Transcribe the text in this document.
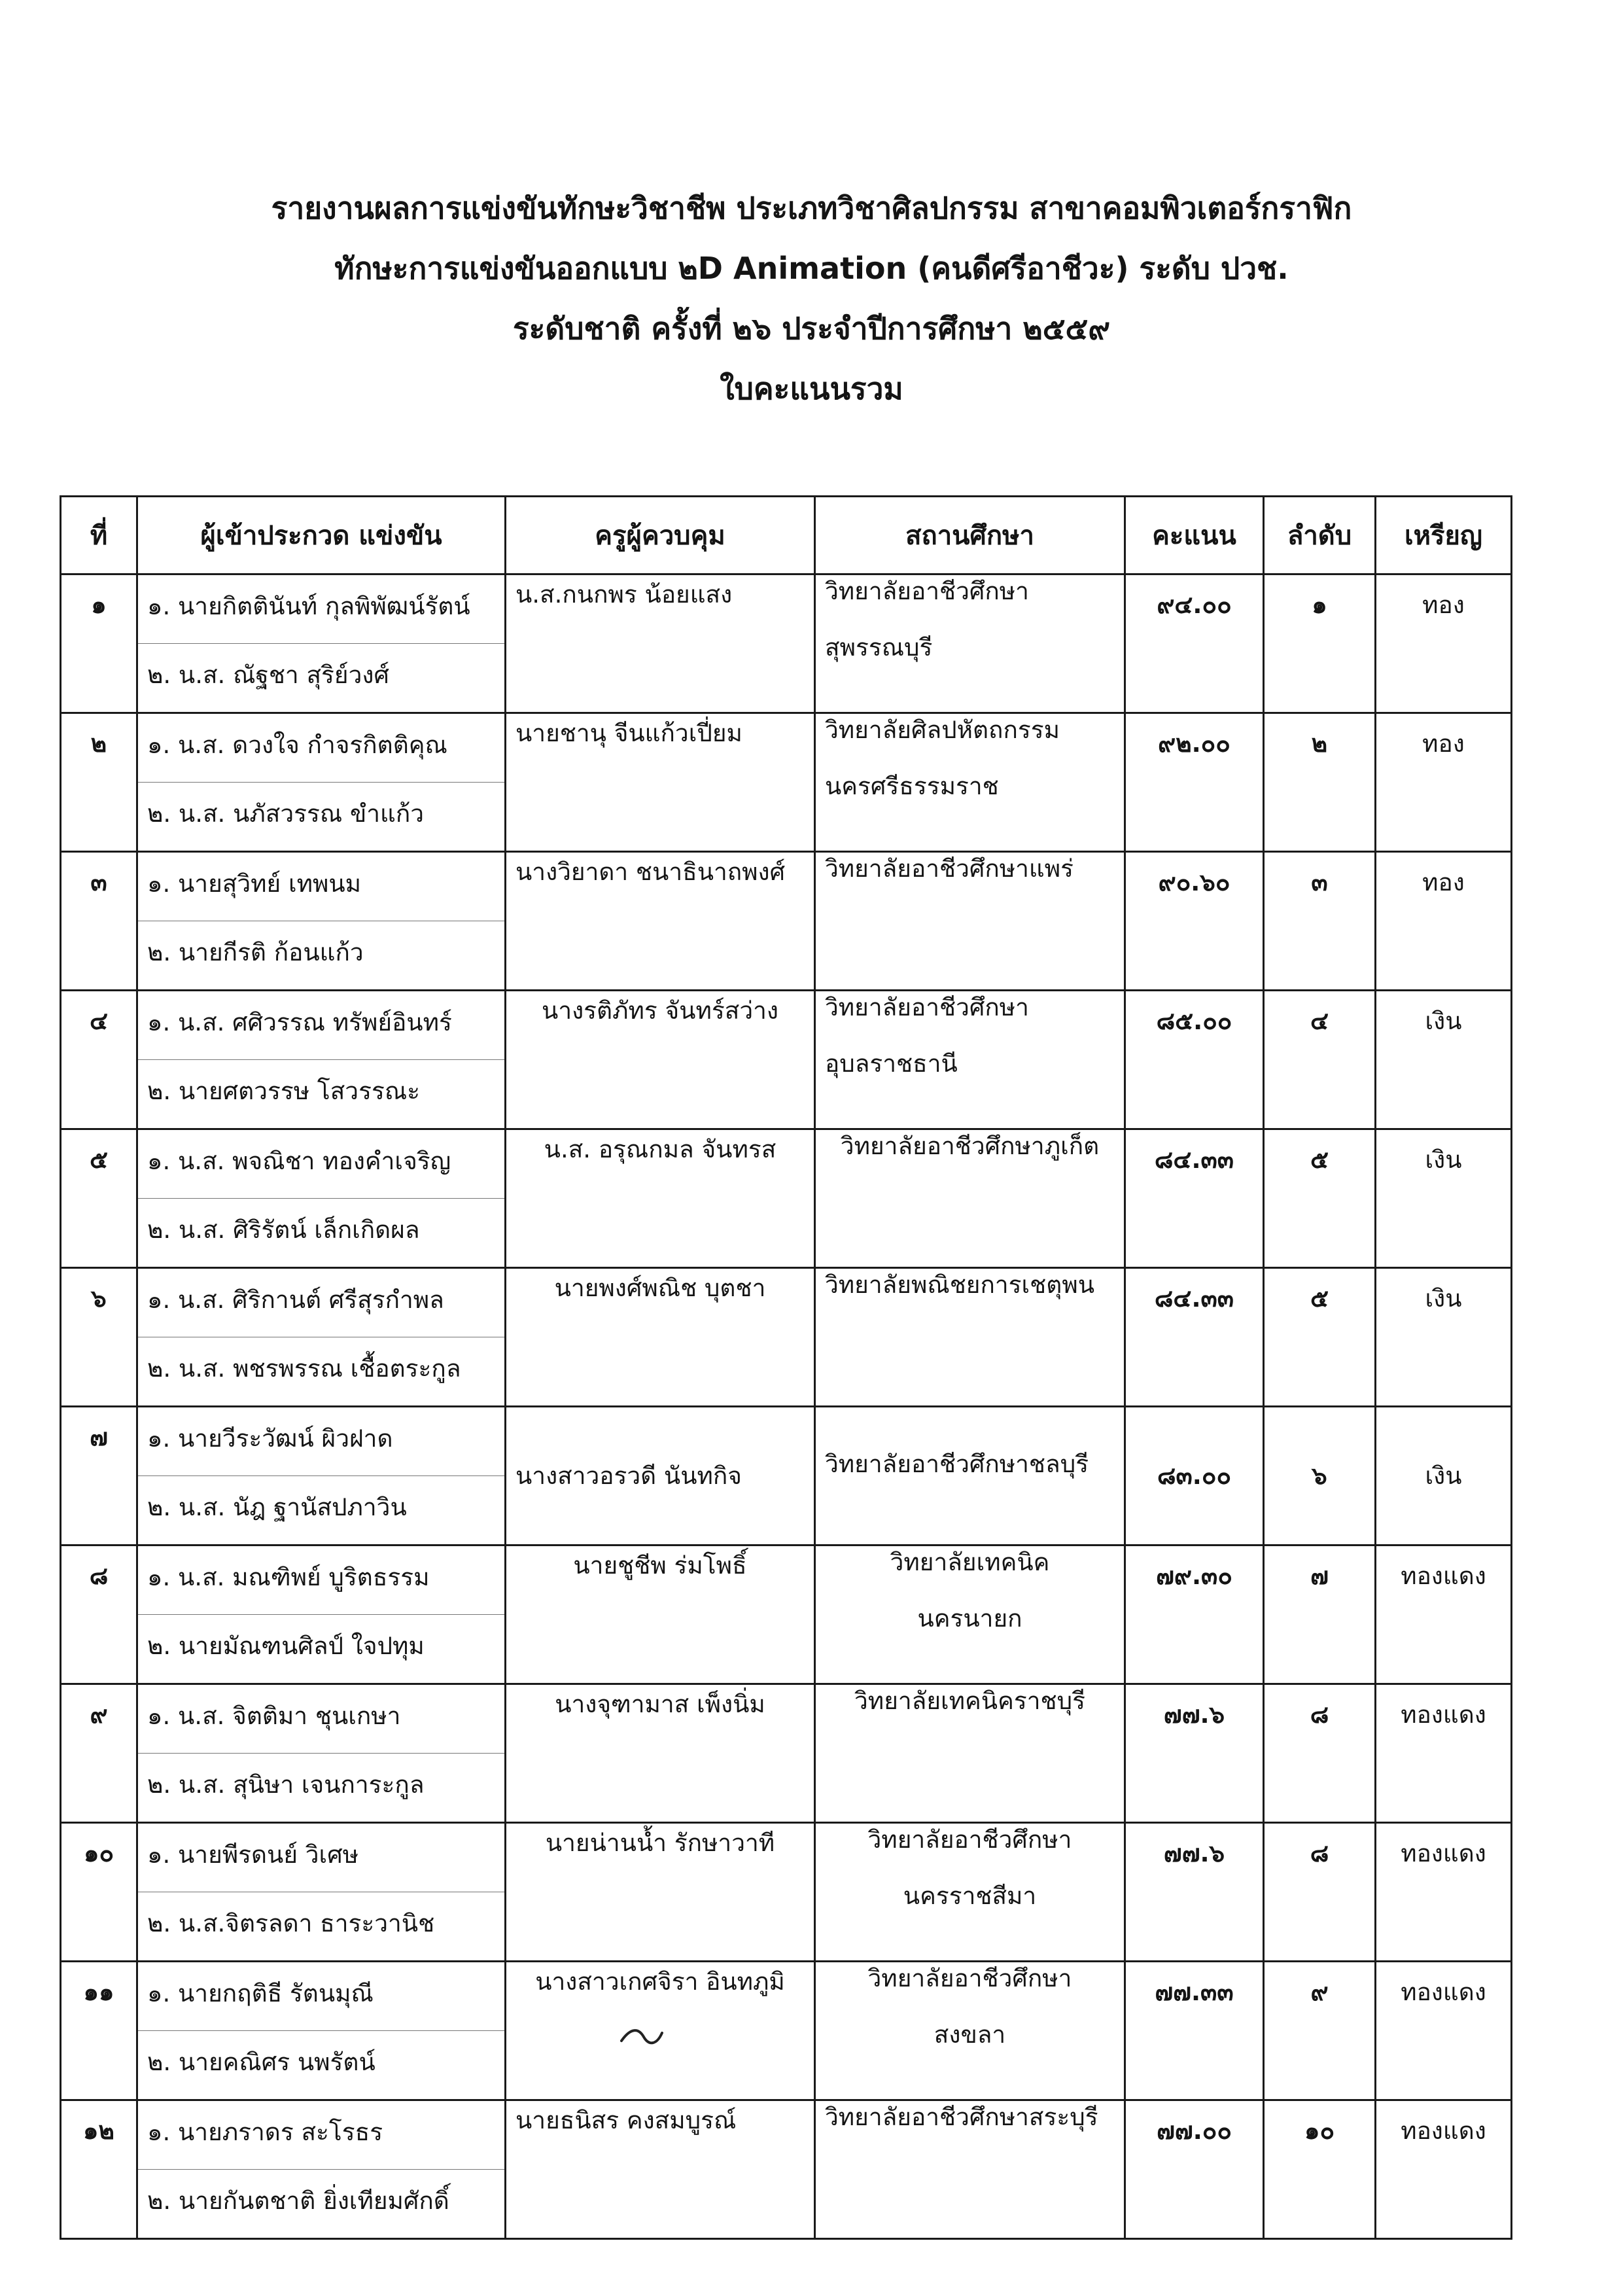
รายงานผลการแข่งขันทักษะวิชาชีพ ประเภทวิชาศิลปกรรม สาขาคอมพิวเตอร์กราฟิก
ทักษะการแข่งขันออกแบบ ๒D Animation (คนดีศรีอาชีวะ) ระดับ ปวช.
ระดับชาติ ครั้งที่ ๒๖ ประจำปีการศึกษา ๒๕๕๙
ใบคะแนนรวม
ที่	ผู้เข้าประกวด แข่งขัน	ครูผู้ควบคุม	สถานศึกษา	คะแนน	ลำดับ	เหรียญ
๑	๑. นายกิตตินันท์ กุลพิพัฒน์รัตน์	น.ส.กนกพร น้อยแสง	วิทยาลัยอาชีวศึกษา
สุพรรณบุรี	๙๔.๐๐	๑	ทอง
	๒. น.ส. ณัฐชา สุริย์วงศ์					
๒	๑. น.ส. ดวงใจ กำจรกิตติคุณ	นายชานุ จีนแก้วเปี่ยม	วิทยาลัยศิลปหัตถกรรม
นครศรีธรรมราช	๙๒.๐๐	๒	ทอง
	๒. น.ส. นภัสวรรณ ขำแก้ว					
๓	๑. นายสุวิทย์ เทพนม	นางวิยาดา ชนาธินาถพงศ์	วิทยาลัยอาชีวศึกษาแพร่	๙๐.๖๐	๓	ทอง
	๒. นายกีรติ ก้อนแก้ว					
๔	๑. น.ส. ศศิวรรณ ทรัพย์อินทร์	นางรติภัทร จันทร์สว่าง	วิทยาลัยอาชีวศึกษา
อุบลราชธานี	๘๕.๐๐	๔	เงิน
	๒. นายศตวรรษ โสวรรณะ					
๕	๑. น.ส. พจณิชา ทองคำเจริญ	น.ส. อรุณกมล จันทรส	วิทยาลัยอาชีวศึกษาภูเก็ต	๘๔.๓๓	๕	เงิน
	๒. น.ส. ศิริรัตน์ เล็กเกิดผล					
๖	๑. น.ส. ศิริกานต์ ศรีสุรกำพล	นายพงศ์พณิช บุตชา	วิทยาลัยพณิชยการเชตุพน	๘๔.๓๓	๕	เงิน
	๒. น.ส. พชรพรรณ เชื้อตระกูล					
๗	๑. นายวีระวัฒน์ ผิวฝาด	นางสาวอรวดี นันทกิจ	วิทยาลัยอาชีวศึกษาชลบุรี	๘๓.๐๐	๖	เงิน
	๒. น.ส. นัฎ ฐานัสปภาวิน					
๘	๑. น.ส. มณฑิพย์ บูริตธรรม	นายชูชีพ ร่มโพธิ์	วิทยาลัยเทคนิค
นครนายก	๗๙.๓๐	๗	ทองแดง
	๒. นายมัณฑนศิลป์ ใจปทุม					
๙	๑. น.ส. จิตติมา ชุนเกษา	นางจุฑามาส เพ็งนิ่ม	วิทยาลัยเทคนิคราชบุรี	๗๗.๖	๘	ทองแดง
	๒. น.ส. สุนิษา เจนการะกูล					
๑๐	๑. นายพีรดนย์ วิเศษ	นายน่านน้ำ รักษาวาที	วิทยาลัยอาชีวศึกษา
นครราชสีมา	๗๗.๖	๘	ทองแดง
	๒. น.ส.จิตรลดา ธาระวานิช					
๑๑	๑. นายกฤติธี รัตนมุณี	นางสาวเกศจิรา อินทภูมิ	วิทยาลัยอาชีวศึกษา
สงขลา	๗๗.๓๓	๙	ทองแดง
	๒. นายคณิศร นพรัตน์					
๑๒	๑. นายภราดร สะโรธร	นายธนิสร คงสมบูรณ์	วิทยาลัยอาชีวศึกษาสระบุรี	๗๗.๐๐	๑๐	ทองแดง
	๒. นายกันตชาติ ยิ่งเทียมศักดิ์					
